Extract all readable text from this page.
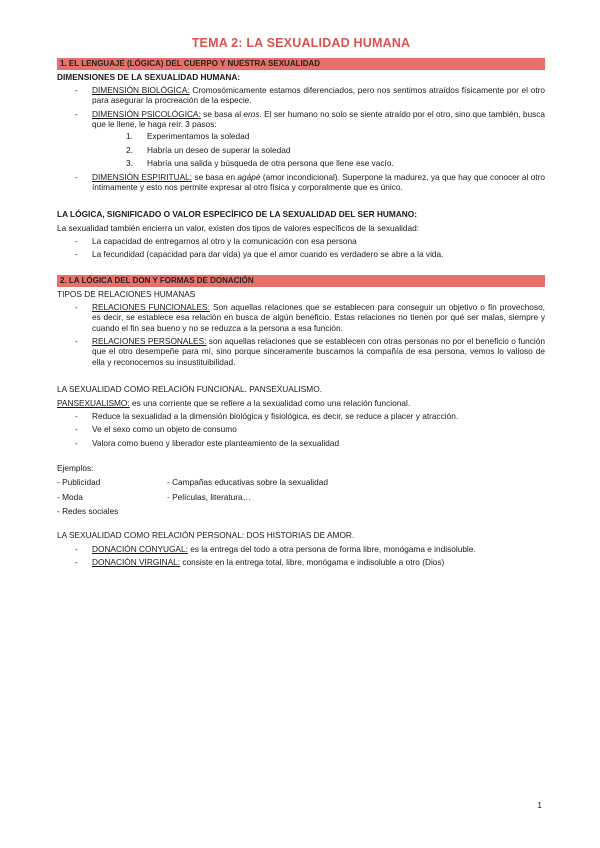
TEMA 2: LA SEXUALIDAD HUMANA
1. EL LENGUAJE (LÓGICA) DEL CUERPO Y NUESTRA SEXUALIDAD
DIMENSIONES DE LA SEXUALIDAD HUMANA:
- DIMENSIÓN BIOLÓGICA: Cromosómicamente estamos diferenciados, pero nos sentimos atraídos físicamente por el otro para asegurar la procreación de la especie.
- DIMENSIÓN PSICOLÓGICA: se basa al eros. El ser humano no solo se siente atraído por el otro, sino que también, busca que le llene, le haga reír. 3 pasos:
1. Experimentamos la soledad
2. Habría un deseo de superar la soledad
3. Habría una salida y búsqueda de otra persona que llene ese vacío.
- DIMENSIÓN ESPIRITUAL: se basa en agápè (amor incondicional). Superpone la madurez, ya que hay que conocer al otro íntimamente y esto nos permite expresar al otro física y corporalmente que es único.
LA LÓGICA, SIGNIFICADO O VALOR ESPECÍFICO DE LA SEXUALIDAD DEL SER HUMANO:
La sexualidad también encierra un valor, existen dos tipos de valores específicos de la sexualidad:
- La capacidad de entregarnos al otro y la comunicación con esa persona
- La fecundidad (capacidad para dar vida) ya que el amor cuando es verdadero se abre a la vida.
2. LA LÓGICA DEL DON Y FORMAS DE DONACIÓN
TIPOS DE RELACIONES HUMANAS
- RELACIONES FUNCIONALES: Son aquellas relaciones que se establecen para conseguir un objetivo o fin provechoso, es decir, se establece esa relación en busca de algún beneficio. Estas relaciones no tienen por qué ser malas, siempre y cuando el fin sea bueno y no se reduzca a la persona a esa función.
- RELACIONES PERSONALES: son aquellas relaciones que se establecen con otras personas no por el beneficio o función que el otro desempeñe para mí, sino porque sinceramente buscamos la compañía de esa persona, vemos lo valioso de ella y reconocemos su insustituibilidad.
LA SEXUALIDAD COMO RELACIÓN FUNCIONAL. PANSEXUALISMO.
PANSEXUALISMO: es una corriente que se refiere a la sexualidad como una relación funcional.
- Reduce la sexualidad a la dimensión biológica y fisiológica, es decir, se reduce a placer y atracción.
- Ve el sexo como un objeto de consumo
- Valora como bueno y liberador este planteamiento de la sexualidad
Ejemplos:
- Publicidad	- Campañas educativas sobre la sexualidad
- Moda	- Películas, literatura…
- Redes sociales
LA SEXUALIDAD COMO RELACIÓN PERSONAL: DOS HISTORIAS DE AMOR.
- DONACIÓN CONYUGAL: es la entrega del todo a otra persona de forma libre, monógama e indisoluble.
- DONACIÓN VIRGINAL: consiste en la entrega total, libre, monógama e indisoluble a otro (Dios)
1
